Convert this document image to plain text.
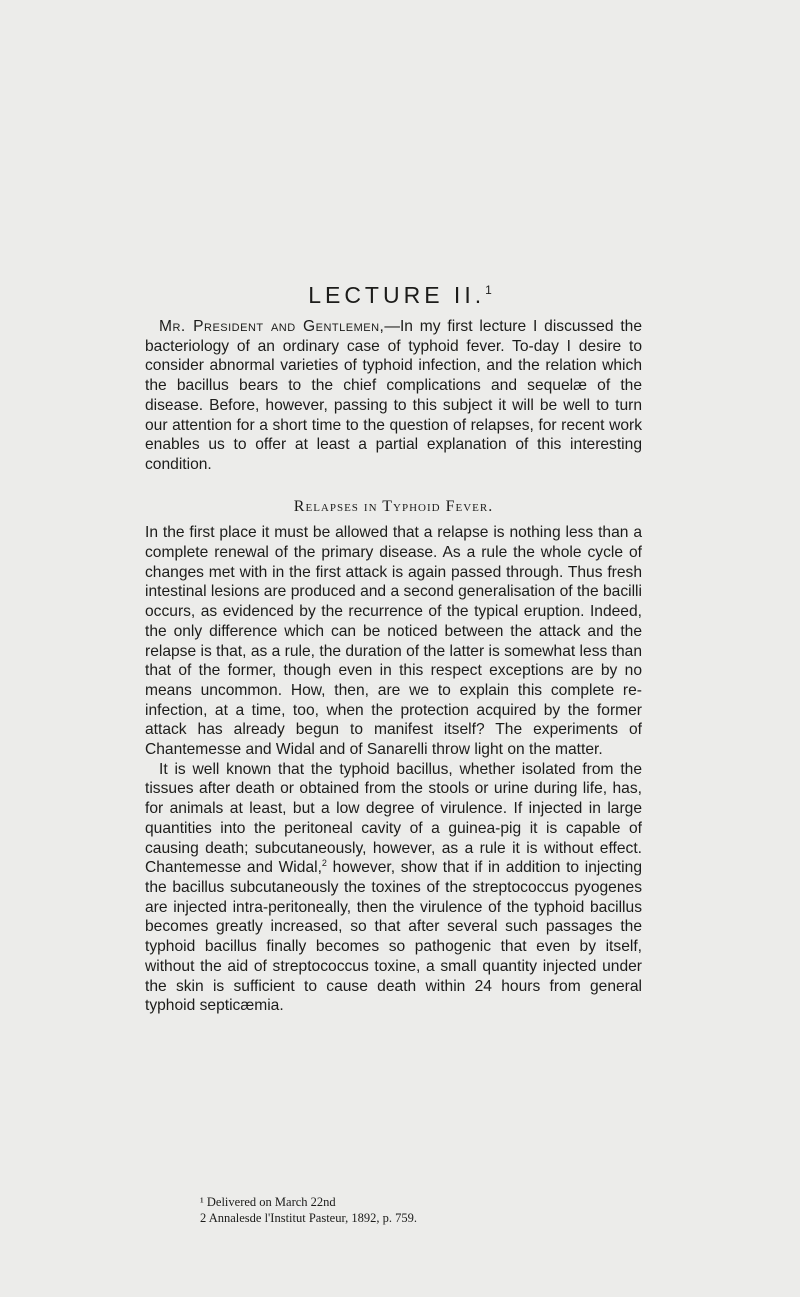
LECTURE II.$^1$

Mr. President and Gentlemen,—In my first lecture I discussed the bacteriology of an ordinary case of typhoid fever. To-day I desire to consider abnormal varieties of typhoid infection, and the relation which the bacillus bears to the chief complications and sequelæ of the disease. Before, however, passing to this subject it will be well to turn our attention for a short time to the question of relapses, for recent work enables us to offer at least a partial explanation of this interesting condition.

Relapses in Typhoid Fever.

In the first place it must be allowed that a relapse is nothing less than a complete renewal of the primary disease. As a rule the whole cycle of changes met with in the first attack is again passed through. Thus fresh intestinal lesions are produced and a second generalisation of the bacilli occurs, as evidenced by the recurrence of the typical eruption. Indeed, the only difference which can be noticed between the attack and the relapse is that, as a rule, the duration of the latter is somewhat less than that of the former, though even in this respect exceptions are by no means uncommon. How, then, are we to explain this complete re-infection, at a time, too, when the protection acquired by the former attack has already begun to manifest itself? The experiments of Chantemesse and Widal and of Sanarelli throw light on the matter.

It is well known that the typhoid bacillus, whether isolated from the tissues after death or obtained from the stools or urine during life, has, for animals at least, but a low degree of virulence. If injected in large quantities into the peritoneal cavity of a guinea-pig it is capable of causing death; subcutaneously, however, as a rule it is without effect. Chantemesse and Widal,$^2$ however, show that if in addition to injecting the bacillus subcutaneously the toxines of the streptococcus pyogenes are injected intra-peritoneally, then the virulence of the typhoid bacillus becomes greatly increased, so that after several such passages the typhoid bacillus finally becomes so pathogenic that even by itself, without the aid of streptococcus toxine, a small quantity injected under the skin is sufficient to cause death within 24 hours from general typhoid septicæmia.

¹ Delivered on March 22nd
2 Annalesde l'Institut Pasteur, 1892, p. 759.
